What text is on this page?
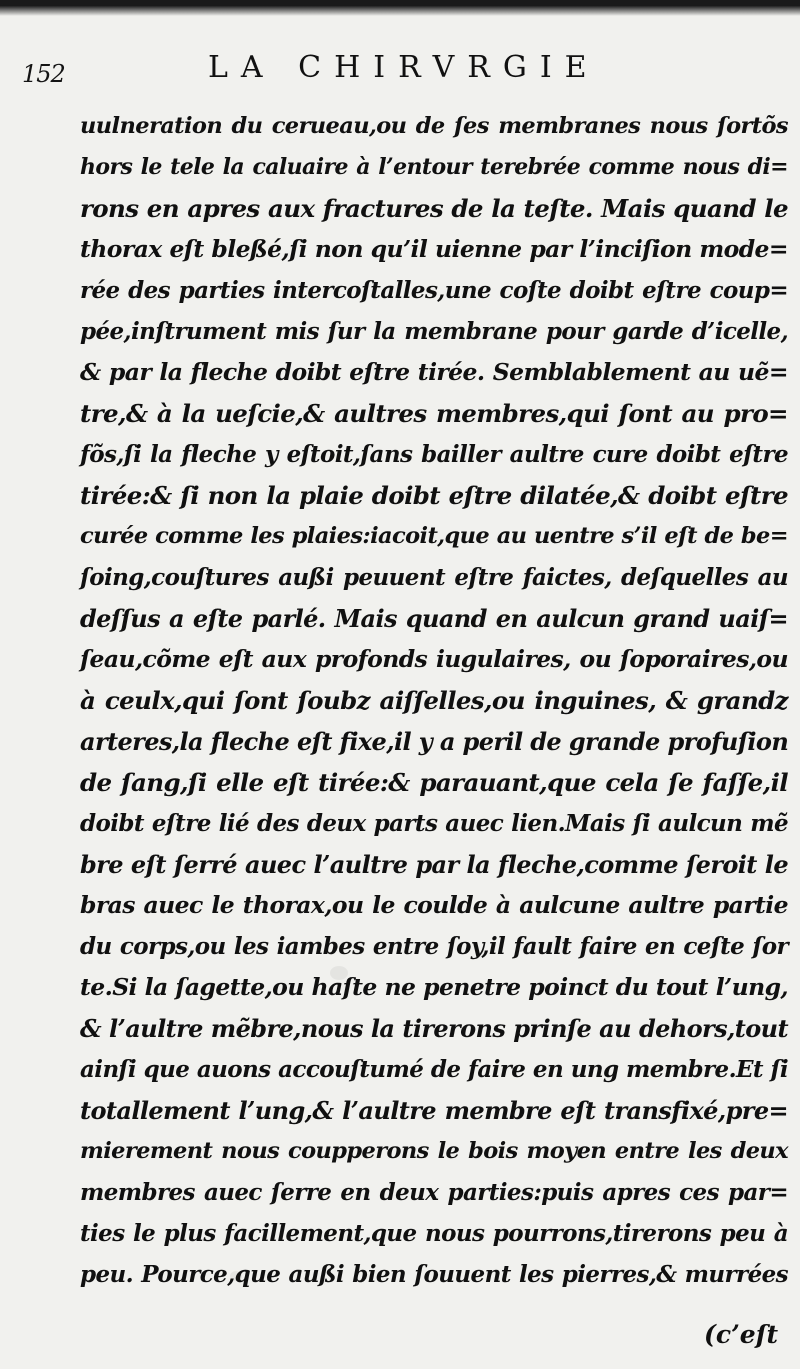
152	LA CHIRVRGIE
uulneration du cerueau,ou de ſes membranes nous ſortõs
hors le tele la caluaire à l’entour terebrée comme nous di=
rons en apres aux fractures de la teſte. Mais quand le
thorax eſt bleßé,ſi non qu’il uienne par l’inciſion mode=
rée des parties intercoſtalles,une coſte doibt eſtre coup=
pée,inſtrument mis ſur la membrane pour garde d’icelle,
& par la fleche doibt eſtre tirée. Semblablement au uẽ=
tre,& à la ueſcie,& aultres membres,qui ſont au pro=
fõs,ſi la fleche y eſtoit,ſans bailler aultre cure doibt eſtre
tirée:& ſi non la plaie doibt eſtre dilatée,& doibt eſtre
curée comme les plaies:iacoit,que au uentre s’il eſt de be=
ſoing,couſtures außi peuuent eſtre faictes, deſquelles au
deſſus a eſte parlé. Mais quand en aulcun grand uaiſ=
ſeau,cõme eſt aux profonds iugulaires, ou ſoporaires,ou
à ceulx,qui ſont ſoubz aiſſelles,ou inguines, & grandz
arteres,la fleche eſt fixe,il y a peril de grande profuſion
de ſang,ſi elle eſt tirée:& parauant,que cela ſe faſſe,il
doibt eſtre lié des deux parts auec lien.Mais ſi aulcun mẽ
bre eſt ſerré auec l’aultre par la fleche,comme ſeroit le
bras auec le thorax,ou le coulde à aulcune aultre partie
du corps,ou les iambes entre ſoy,il fault faire en ceſte ſor
te.Si la ſagette,ou haſte ne penetre poinct du tout l’ung,
& l’aultre mẽbre,nous la tirerons prinſe au dehors,tout
ainſi que auons accouſtumé de faire en ung membre.Et ſi
totallement l’ung,& l’aultre membre eſt transfixé,pre=
mierement nous coupperons le bois moyen entre les deux
membres auec ſerre en deux parties:puis apres ces par=
ties le plus facillement,que nous pourrons,tirerons peu à
peu. Pource,que außi bien ſouuent les pierres,& murrées
(c’eſt
